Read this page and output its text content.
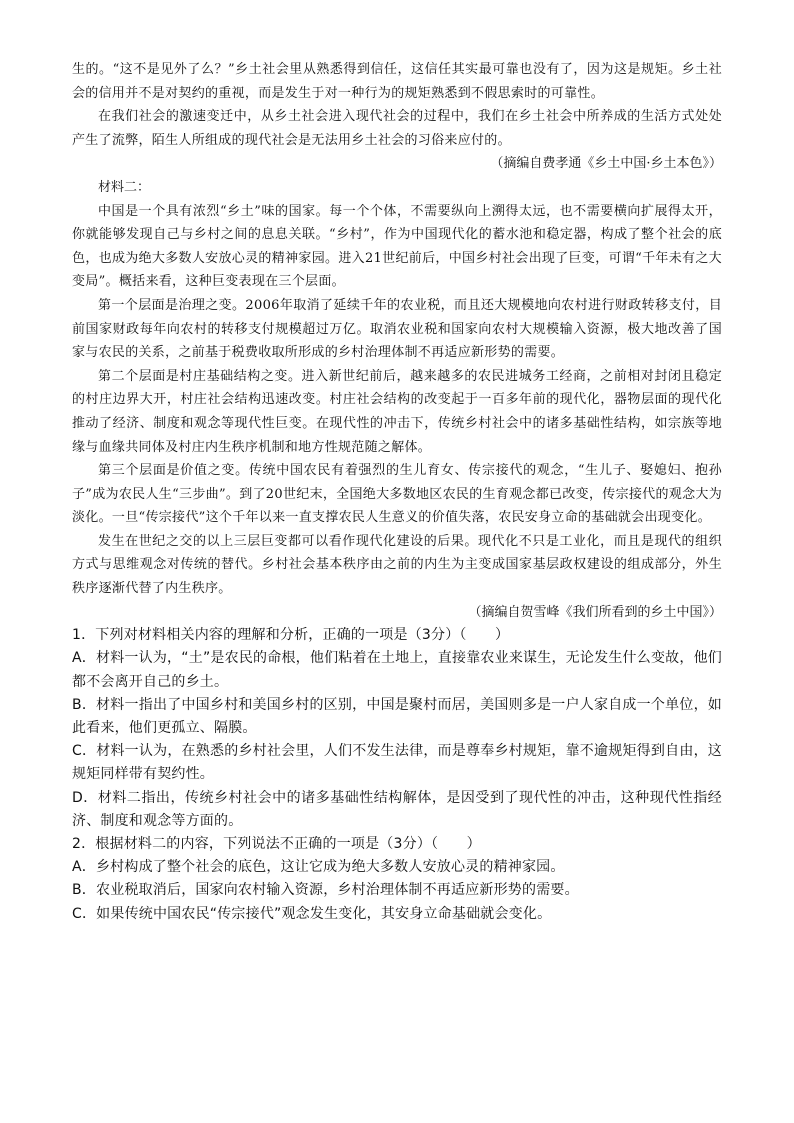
生的。“这不是见外了么？”乡土社会里从熟悉得到信任，这信任其实最可靠也没有了，因为这是规矩。乡土社会的信用并不是对契约的重视，而是发生于对一种行为的规矩熟悉到不假思索时的可靠性。

在我们社会的激速变迁中，从乡土社会进入现代社会的过程中，我们在乡土社会中所养成的生活方式处处产生了流弊，陌生人所组成的现代社会是无法用乡土社会的习俗来应付的。

（摘编自费孝通《乡土中国·乡土本色》）

材料二：

中国是一个具有浓烈“乡土”味的国家。每一个个体，不需要纵向上溯得太远，也不需要横向扩展得太开，你就能够发现自己与乡村之间的息息关联。“乡村”，作为中国现代化的蓄水池和稳定器，构成了整个社会的底色，也成为绝大多数人安放心灵的精神家园。进入21世纪前后，中国乡村社会出现了巨变，可谓“千年未有之大变局”。概括来看，这种巨变表现在三个层面。

第一个层面是治理之变。2006年取消了延续千年的农业税，而且还大规模地向农村进行财政转移支付，目前国家财政每年向农村的转移支付规模超过万亿。取消农业税和国家向农村大规模输入资源，极大地改善了国家与农民的关系，之前基于税费收取所形成的乡村治理体制不再适应新形势的需要。

第二个层面是村庄基础结构之变。进入新世纪前后，越来越多的农民进城务工经商，之前相对封闭且稳定的村庄边界大开，村庄社会结构迅速改变。村庄社会结构的改变起于一百多年前的现代化，器物层面的现代化推动了经济、制度和观念等现代性巨变。在现代性的冲击下，传统乡村社会中的诸多基础性结构，如宗族等地缘与血缘共同体及村庄内生秩序机制和地方性规范随之解体。

第三个层面是价值之变。传统中国农民有着强烈的生儿育女、传宗接代的观念，“生儿子、娶媳妇、抱孙子”成为农民人生“三步曲”。到了20世纪末，全国绝大多数地区农民的生育观念都已改变，传宗接代的观念大为淡化。一旦“传宗接代”这个千年以来一直支撑农民人生意义的价值失落，农民安身立命的基础就会出现变化。

发生在世纪之交的以上三层巨变都可以看作现代化建设的后果。现代化不只是工业化，而且是现代的组织方式与思维观念对传统的替代。乡村社会基本秩序由之前的内生为主变成国家基层政权建设的组成部分，外生秩序逐渐代替了内生秩序。

（摘编自贺雪峰《我们所看到的乡土中国》）

1．下列对材料相关内容的理解和分析，正确的一项是（3分）（　　）

A．材料一认为，“土”是农民的命根，他们粘着在土地上，直接靠农业来谋生，无论发生什么变故，他们都不会离开自己的乡土。

B．材料一指出了中国乡村和美国乡村的区别，中国是聚村而居，美国则多是一户人家自成一个单位，如此看来，他们更孤立、隔膜。

C．材料一认为，在熟悉的乡村社会里，人们不发生法律，而是尊奉乡村规矩，靠不逾规矩得到自由，这规矩同样带有契约性。

D．材料二指出，传统乡村社会中的诸多基础性结构解体，是因受到了现代性的冲击，这种现代性指经济、制度和观念等方面的。

2．根据材料二的内容，下列说法不正确的一项是（3分）（　　）

A．乡村构成了整个社会的底色，这让它成为绝大多数人安放心灵的精神家园。

B．农业税取消后，国家向农村输入资源，乡村治理体制不再适应新形势的需要。

C．如果传统中国农民“传宗接代”观念发生变化，其安身立命基础就会变化。
